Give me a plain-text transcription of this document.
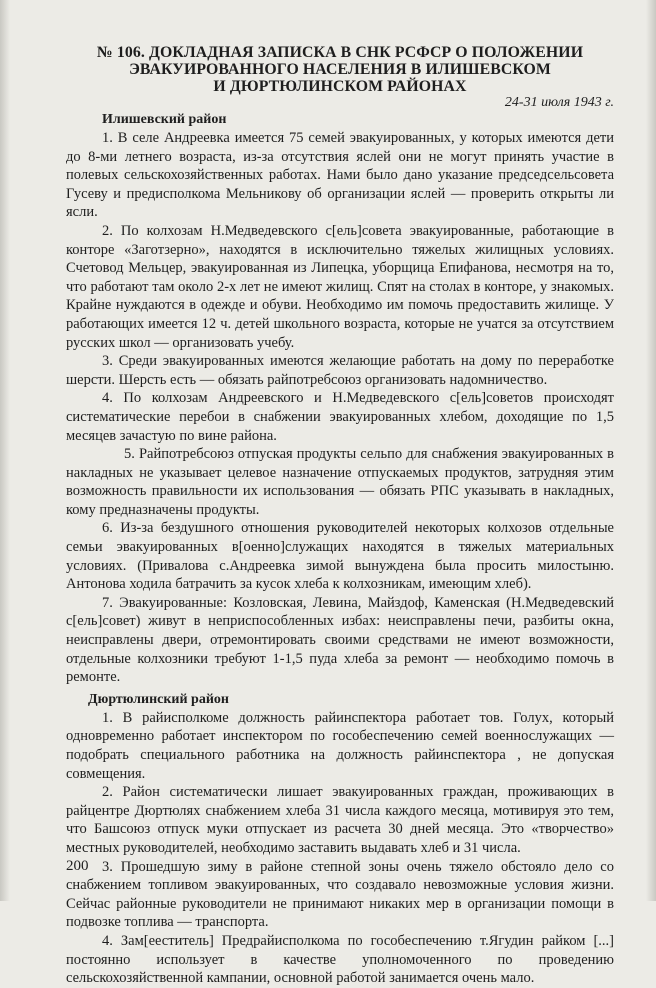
№ 106. ДОКЛАДНАЯ ЗАПИСКА В СНК РСФСР О ПОЛОЖЕНИИ
ЭВАКУИРОВАННОГО НАСЕЛЕНИЯ В ИЛИШЕВСКОМ
И ДЮРТЮЛИНСКОМ РАЙОНАХ
24-31 июля 1943 г.
Илишевский район

1. В селе Андреевка имеется 75 семей эвакуированных, у которых имеются дети до 8-ми летнего возраста, из-за отсутствия яслей они не могут принять участие в полевых сельскохозяйственных работах. Нами было дано указание председсельсовета Гусеву и предисполкома Мельникову об организации яслей — проверить открыты ли ясли.

2. По колхозам Н.Медведевского с[ель]совета эвакуированные, работающие в конторе «Заготзерно», находятся в исключительно тяжелых жилищных условиях. Счетовод Мельцер, эвакуированная из Липецка, уборщица Епифанова, несмотря на то, что работают там около 2-х лет не имеют жилищ. Спят на столах в конторе, у знакомых. Крайне нуждаются в одежде и обуви. Необходимо им помочь предоставить жилище. У работающих имеется 12 ч. детей школьного возраста, которые не учатся за отсутствием русских школ — организовать учебу.

3. Среди эвакуированных имеются желающие работать на дому по переработке шерсти. Шерсть есть — обязать райпотребсоюз организовать надомничество.

4. По колхозам Андреевского и Н.Медведевского с[ель]советов происходят систематические перебои в снабжении эвакуированных хлебом, доходящие по 1,5 месяцев зачастую по вине района.

5. Райпотребсоюз отпуская продукты сельпо для снабжения эвакуированных в накладных не указывает целевое назначение отпускаемых продуктов, затрудняя этим возможность правильности их использования — обязать РПС указывать в накладных, кому предназначены продукты.

6. Из-за бездушного отношения руководителей некоторых колхозов отдельные семьи эвакуированных в[оенно]служащих находятся в тяжелых материальных условиях. (Привалова с.Андреевка зимой вынуждена была просить милостыню. Антонова ходила батрачить за кусок хлеба к колхозникам, имеющим хлеб).

7. Эвакуированные: Козловская, Левина, Майздоф, Каменская (Н.Медведевский с[ель]совет) живут в неприспособленных избах: неисправлены печи, разбиты окна, неисправлены двери, отремонтировать своими средствами не имеют возможности, отдельные колхозники требуют 1-1,5 пуда хлеба за ремонт — необходимо помочь в ремонте.

Дюртюлинский район

1. В райисполкоме должность райинспектора работает тов. Голух, который одновременно работает инспектором по гособеспечению семей военнослужащих — подобрать специального работника на должность райинспектора , не допуская совмещения.

2. Район систематически лишает эвакуированных граждан, проживающих в райцентре Дюртюлях снабжением хлеба 31 числа каждого месяца, мотивируя это тем, что Башсоюз отпуск муки отпускает из расчета 30 дней месяца. Это «творчество» местных руководителей, необходимо заставить выдавать хлеб и 31 числа.

3. Прошедшую зиму в районе степной зоны очень тяжело обстояло дело со снабжением топливом эвакуированных, что создавало невозможные условия жизни. Сейчас районные руководители не принимают никаких мер в организации помощи в подвозке топлива — транспорта.

4. Зам[ееститель] Предрайисполкома по гособеспечению т.Ягудин райком [...] постоянно использует в качестве уполномоченного по проведению сельскохозяйственной кампании, основной работой занимается очень мало.

200
